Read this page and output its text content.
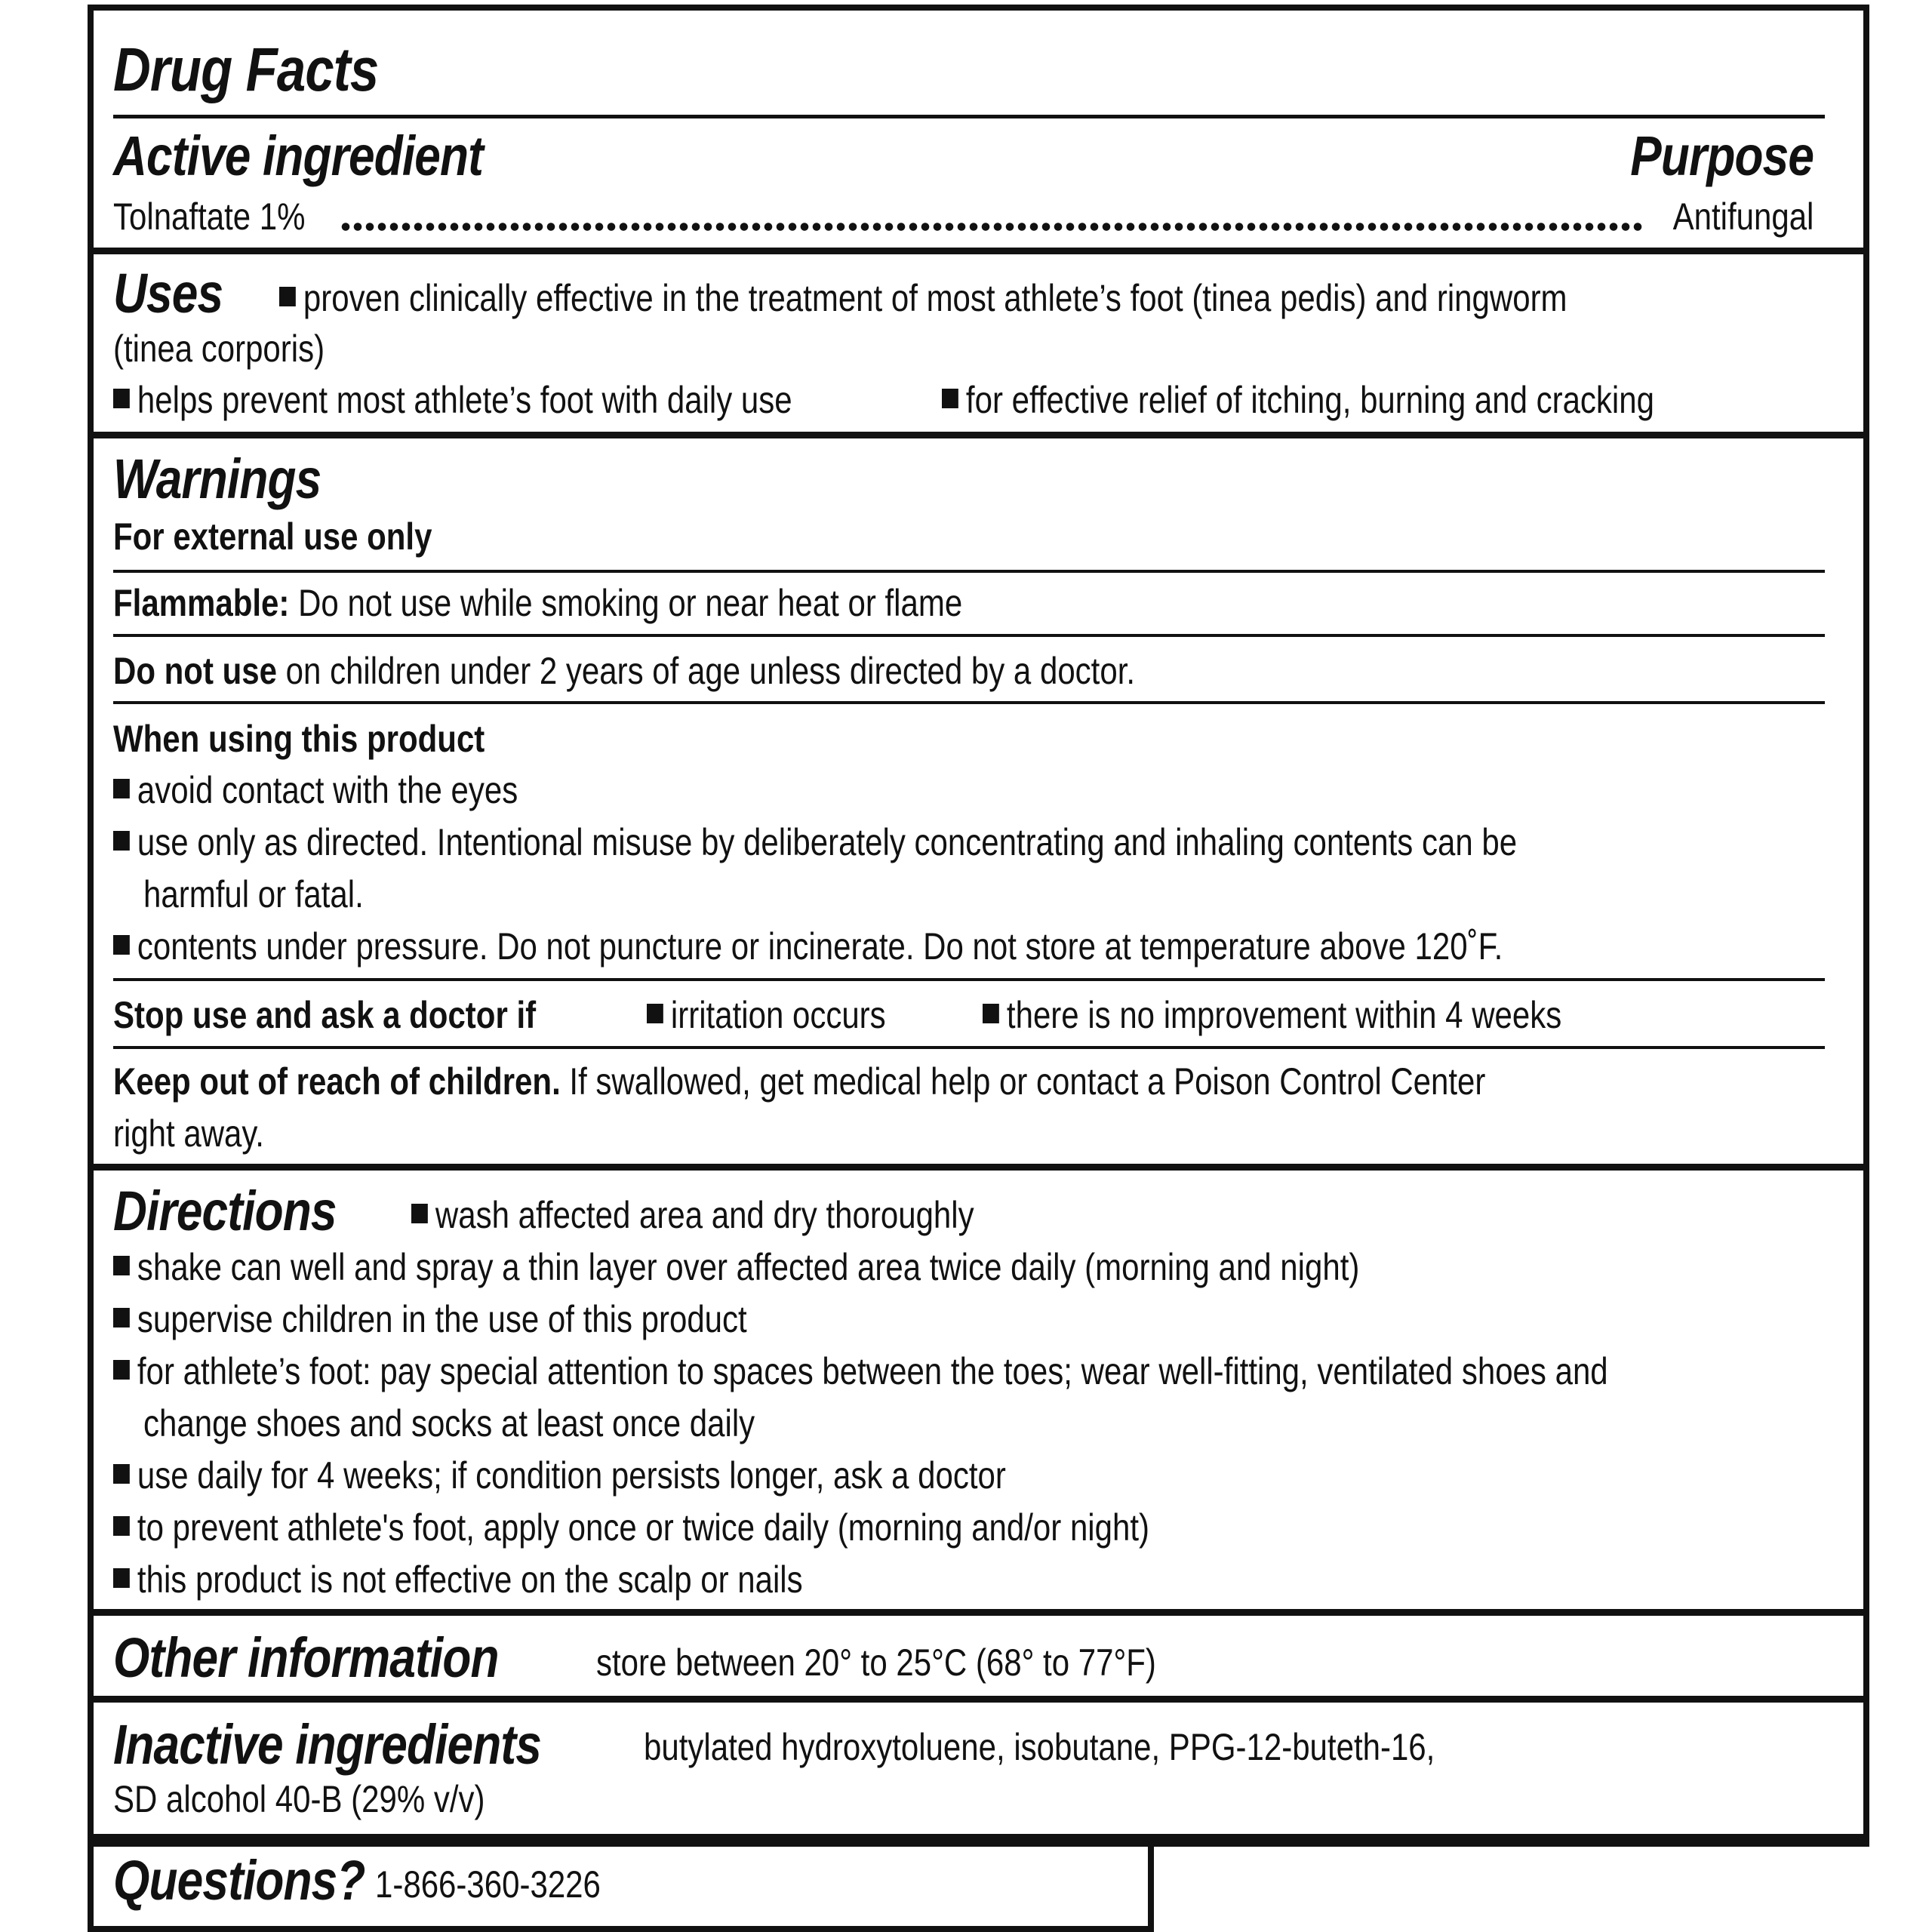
Drug Facts
Active ingredient	Purpose
Tolnaftate 1%	Antifungal
Uses	proven clinically effective in the treatment of most athlete’s foot (tinea pedis) and ringworm
(tinea corporis)
helps prevent most athlete’s foot with daily use	for effective relief of itching, burning and cracking
Warnings
For external use only
Flammable: Do not use while smoking or near heat or flame
Do not use on children under 2 years of age unless directed by a doctor.
When using this product
avoid contact with the eyes
use only as directed. Intentional misuse by deliberately concentrating and inhaling contents can be
harmful or fatal.
contents under pressure. Do not puncture or incinerate. Do not store at temperature above 120˚F.
Stop use and ask a doctor if	irritation occurs	there is no improvement within 4 weeks
Keep out of reach of children. If swallowed, get medical help or contact a Poison Control Center
right away.
Directions	wash affected area and dry thoroughly
shake can well and spray a thin layer over affected area twice daily (morning and night)
supervise children in the use of this product
for athlete’s foot: pay special attention to spaces between the toes; wear well-fitting, ventilated shoes and
change shoes and socks at least once daily
use daily for 4 weeks; if condition persists longer, ask a doctor
to prevent athlete's foot, apply once or twice daily (morning and/or night)
this product is not effective on the scalp or nails
Other information	store between 20° to 25°C (68° to 77°F)
Inactive ingredients	butylated hydroxytoluene, isobutane, PPG-12-buteth-16,
SD alcohol 40-B (29% v/v)
Questions? 1-866-360-3226
